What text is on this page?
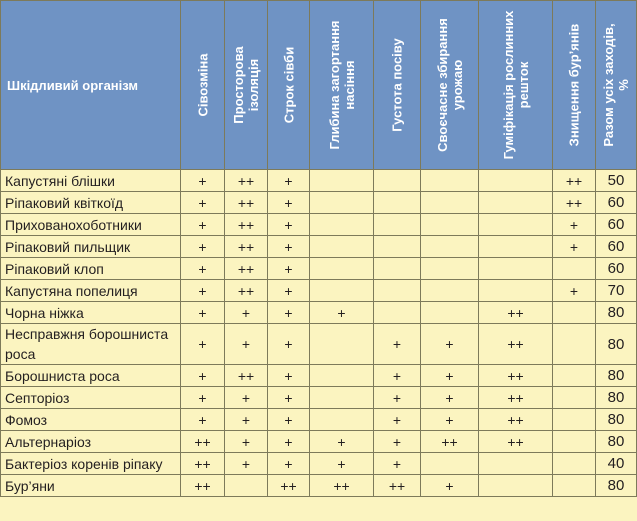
Шкідливий організм	Сівозміна	Просторова ізоляція	Строк сівби	Глибина загортання насіння	Густота посіву	Своєчасне збирання урожаю	Гуміфікація рослинних решток	Знищення бур’янів	Разом усіх заходів, %

Капустяні блішки	+	++	+					++	50
Ріпаковий квіткоїд	+	++	+					++	60
Прихованохоботники	+	++	+					+	60
Ріпаковий пильщик	+	++	+					+	60
Ріпаковий клоп	+	++	+						60
Капустяна попелиця	+	++	+					+	70
Чорна ніжка	+	+	+	+			++		80
Несправжня борошниста роса	+	+	+		+	+	++		80
Борошниста роса	+	++	+		+	+	++		80
Септоріоз	+	+	+		+	+	++		80
Фомоз	+	+	+		+	+	++		80
Альтернаріоз	++	+	+	+	+	++	++		80
Бактеріоз коренів ріпаку	++	+	+	+	+				40
Бур’яни	++		++	++	++	+			80
